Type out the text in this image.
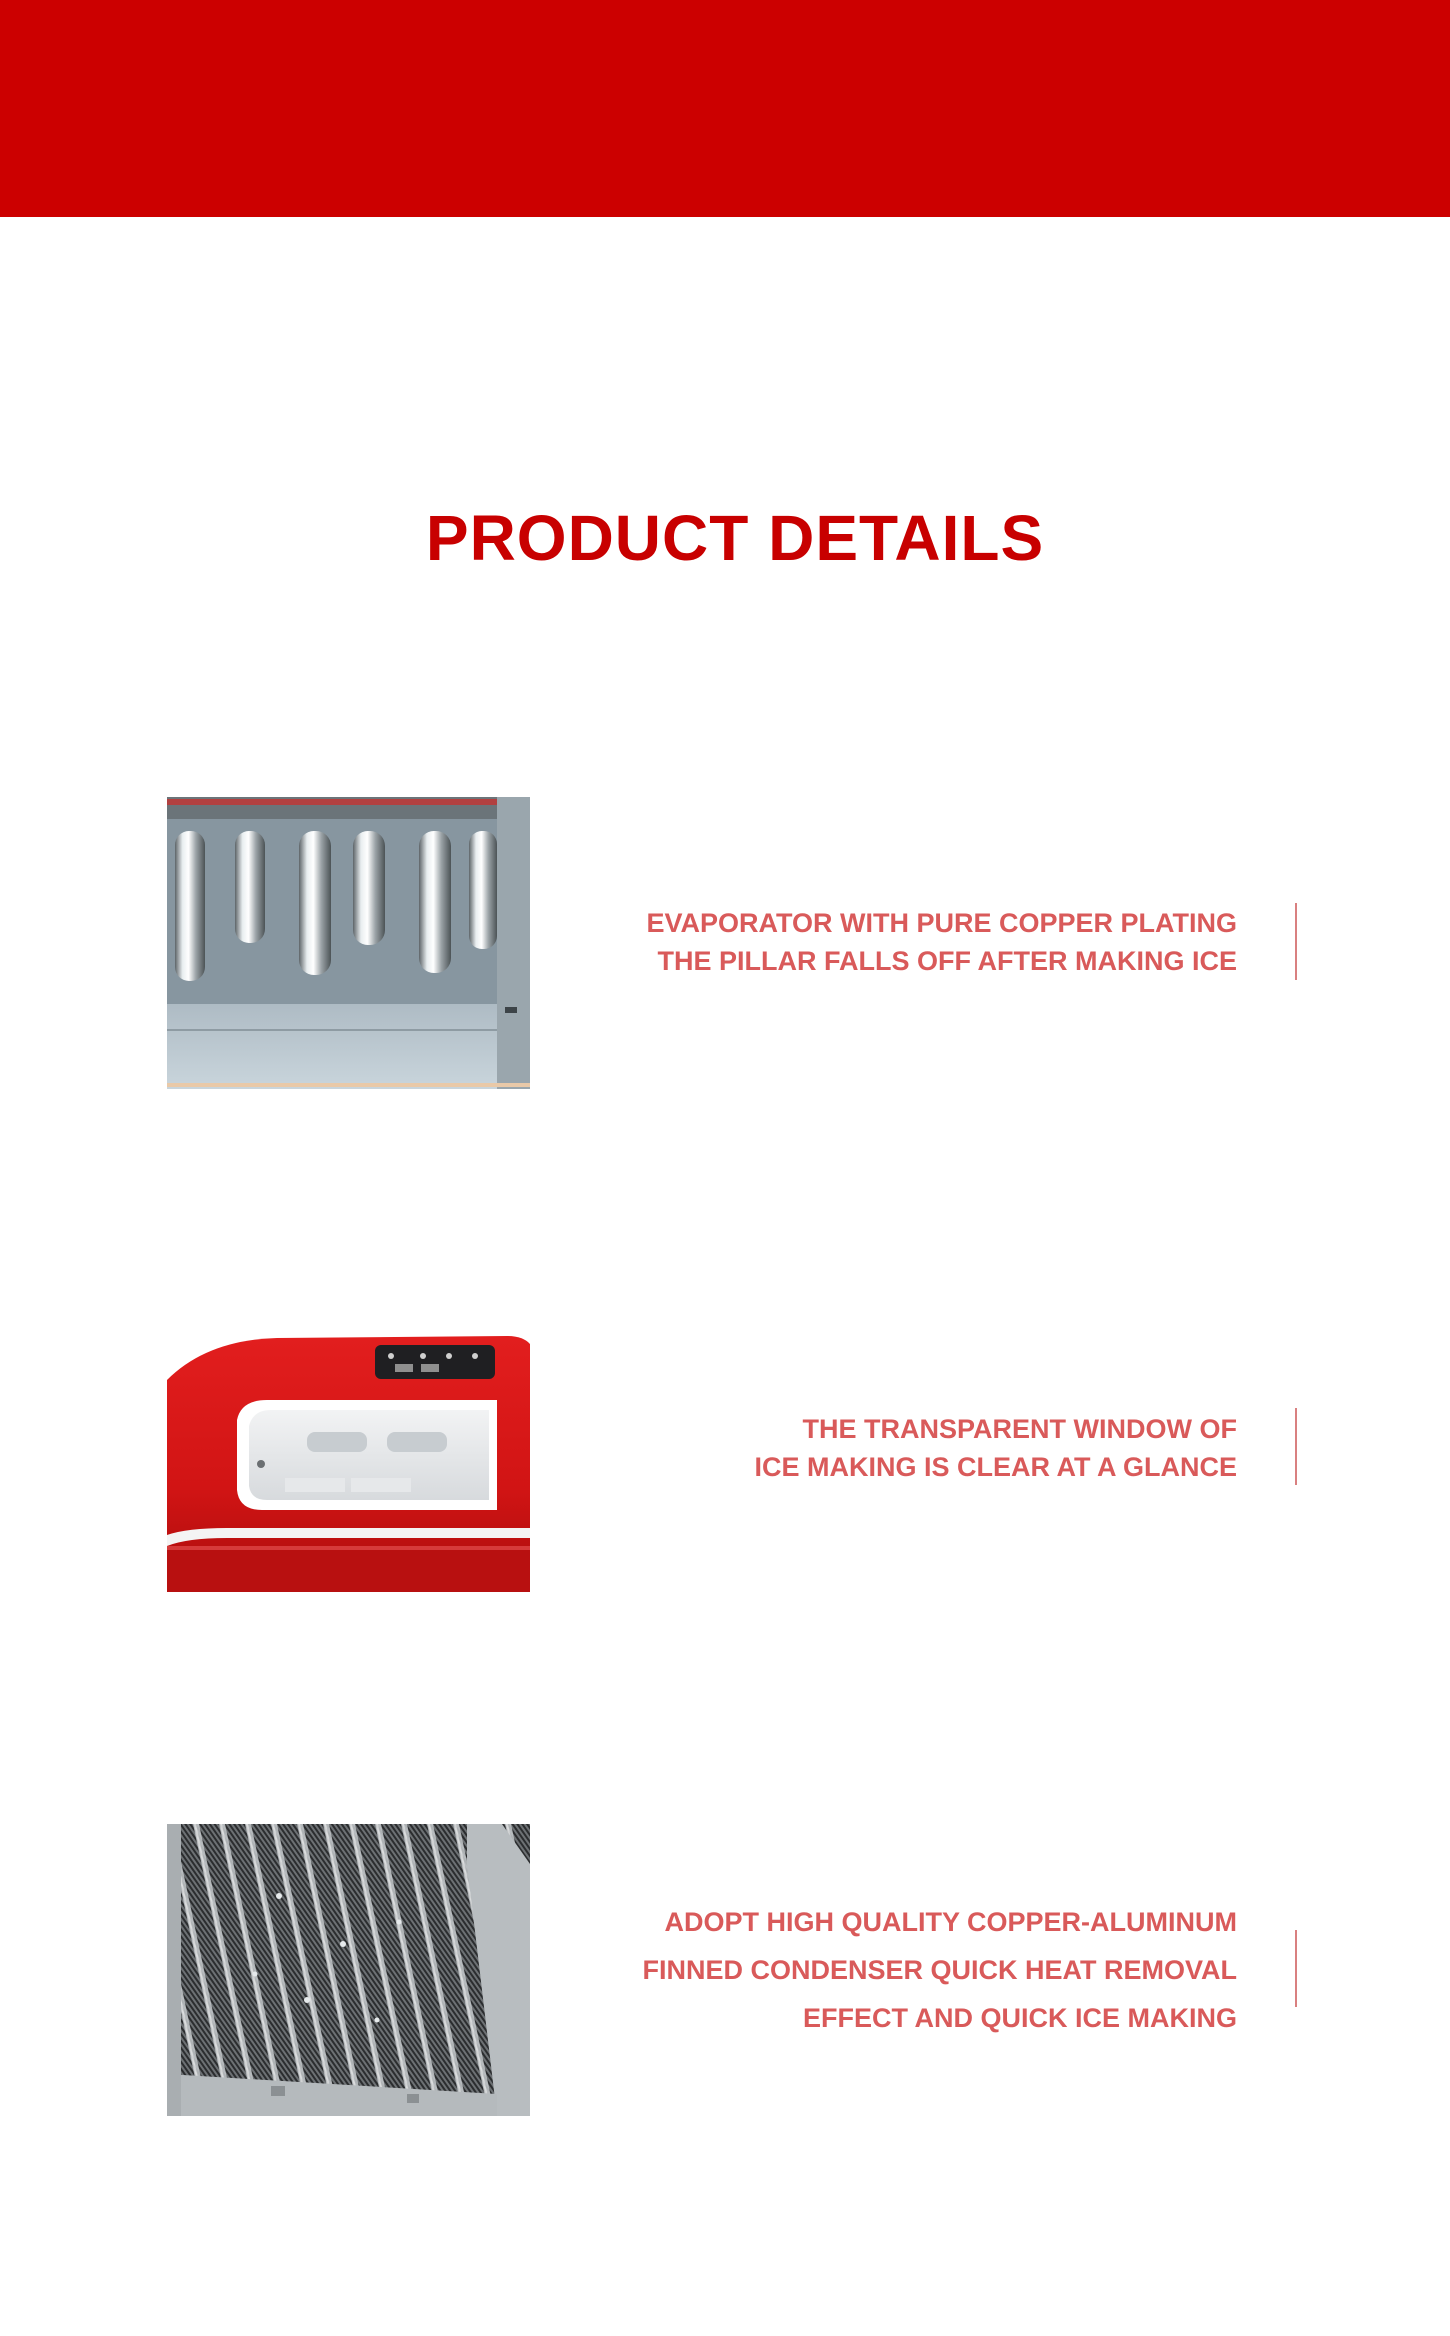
PRODUCT DETAILS
EVAPORATOR WITH PURE COPPER PLATING
THE PILLAR FALLS OFF AFTER MAKING ICE
THE TRANSPARENT WINDOW OF
ICE MAKING IS CLEAR AT A GLANCE
ADOPT HIGH QUALITY COPPER-ALUMINUM
FINNED CONDENSER QUICK HEAT REMOVAL
EFFECT AND QUICK ICE MAKING
